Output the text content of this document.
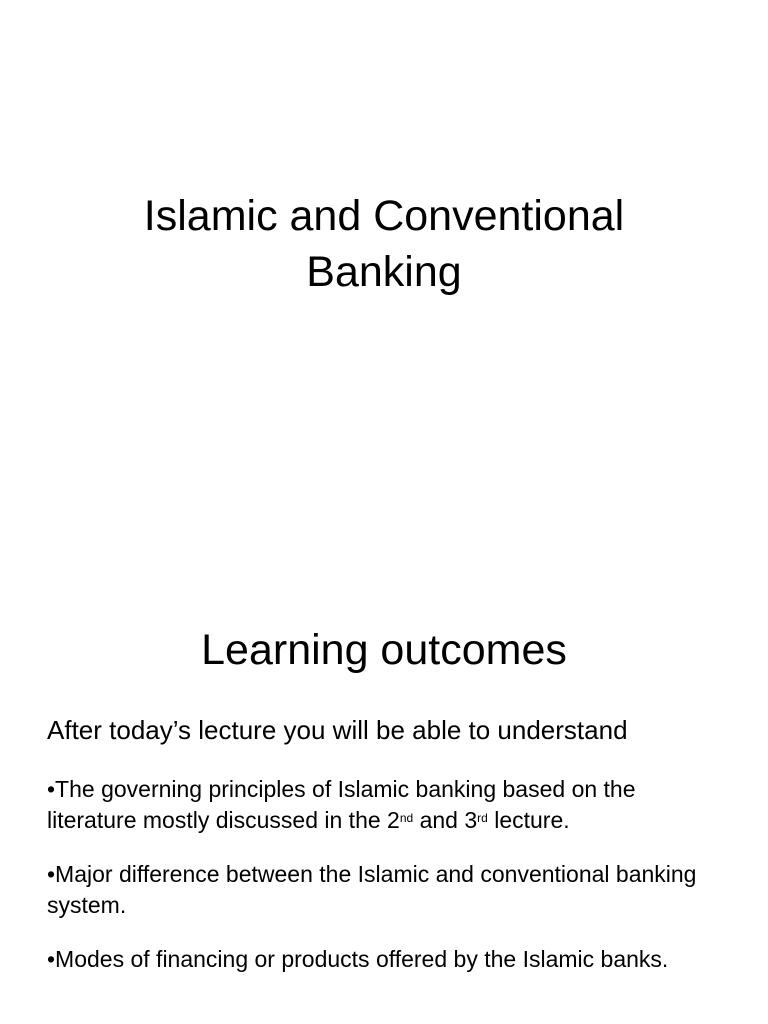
Islamic and Conventional
Banking
Learning outcomes

After today’s lecture you will be able to understand

•The governing principles of Islamic banking based on the literature mostly discussed in the 2nd and 3rd lecture.

•Major difference between the Islamic and conventional banking system.

•Modes of financing or products offered by the Islamic banks.
